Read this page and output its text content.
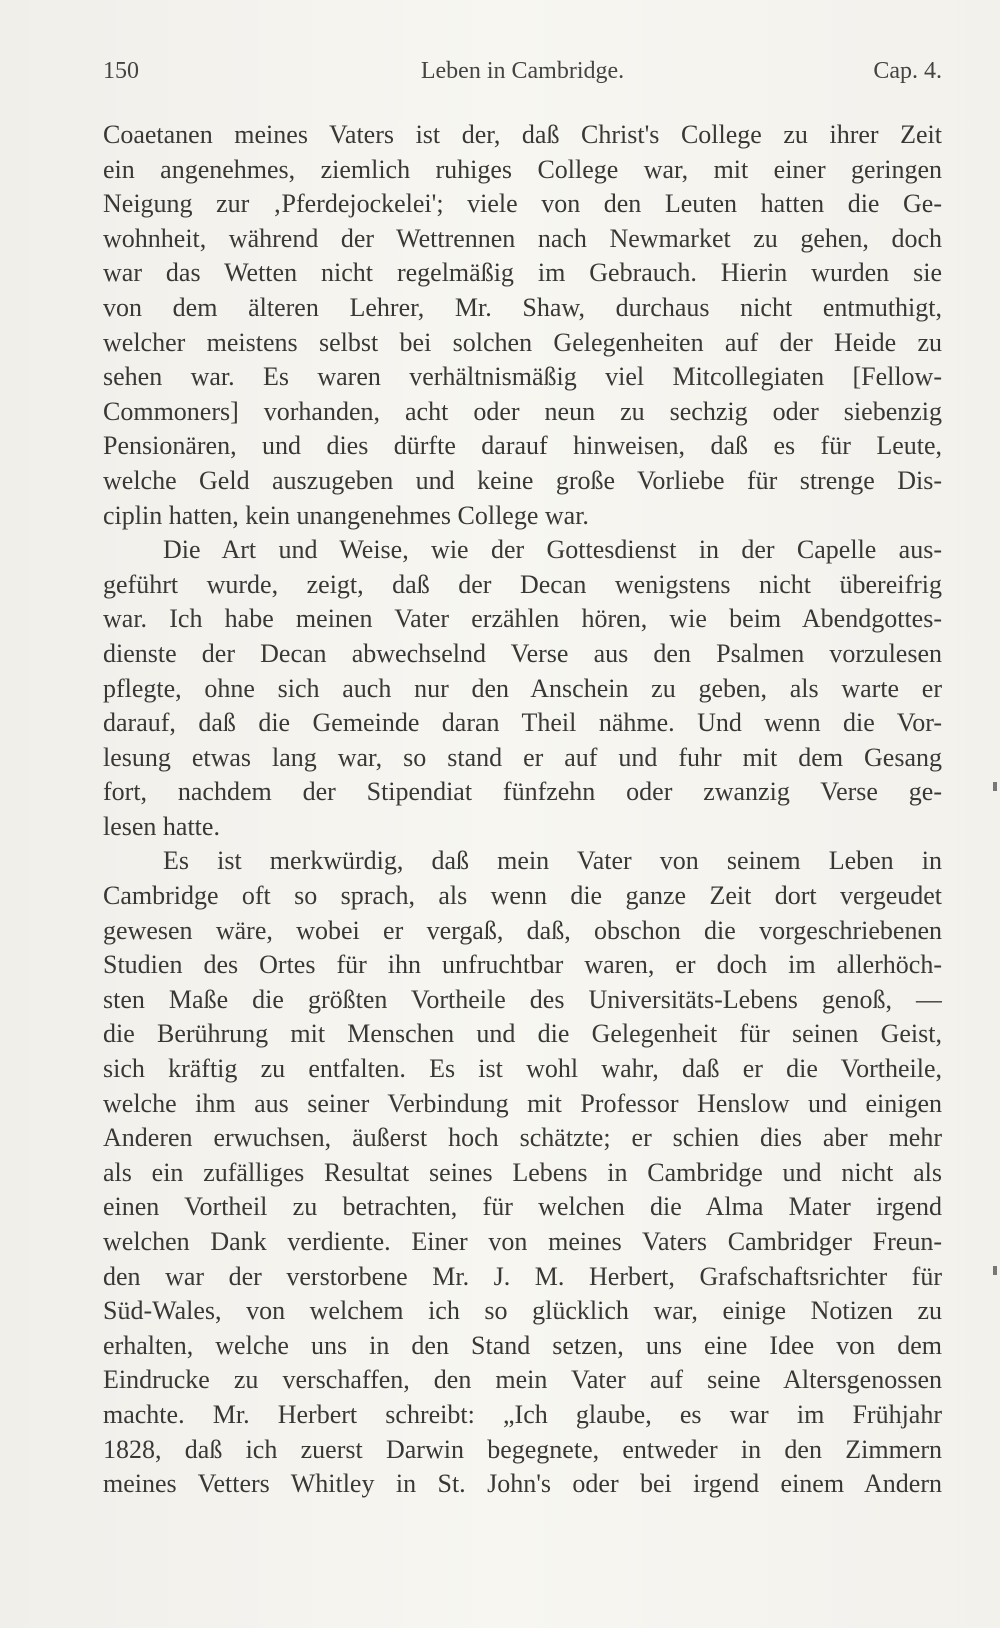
150	Leben in Cambridge.	Cap. 4.
Coaetanen meines Vaters ist der, daß Christ's College zu ihrer Zeit
ein angenehmes, ziemlich ruhiges College war, mit einer geringen
Neigung zur ‚Pferdejockelei'; viele von den Leuten hatten die Ge-
wohnheit, während der Wettrennen nach Newmarket zu gehen, doch
war das Wetten nicht regelmäßig im Gebrauch. Hierin wurden sie
von dem älteren Lehrer, Mr. Shaw, durchaus nicht entmuthigt,
welcher meistens selbst bei solchen Gelegenheiten auf der Heide zu
sehen war. Es waren verhältnismäßig viel Mitcollegiaten [Fellow-
Commoners] vorhanden, acht oder neun zu sechzig oder siebenzig
Pensionären, und dies dürfte darauf hinweisen, daß es für Leute,
welche Geld auszugeben und keine große Vorliebe für strenge Dis-
ciplin hatten, kein unangenehmes College war.
Die Art und Weise, wie der Gottesdienst in der Capelle aus-
geführt wurde, zeigt, daß der Decan wenigstens nicht übereifrig
war. Ich habe meinen Vater erzählen hören, wie beim Abendgottes-
dienste der Decan abwechselnd Verse aus den Psalmen vorzulesen
pflegte, ohne sich auch nur den Anschein zu geben, als warte er
darauf, daß die Gemeinde daran Theil nähme. Und wenn die Vor-
lesung etwas lang war, so stand er auf und fuhr mit dem Gesang
fort, nachdem der Stipendiat fünfzehn oder zwanzig Verse ge-
lesen hatte.
Es ist merkwürdig, daß mein Vater von seinem Leben in
Cambridge oft so sprach, als wenn die ganze Zeit dort vergeudet
gewesen wäre, wobei er vergaß, daß, obschon die vorgeschriebenen
Studien des Ortes für ihn unfruchtbar waren, er doch im allerhöch-
sten Maße die größten Vortheile des Universitäts-Lebens genoß, —
die Berührung mit Menschen und die Gelegenheit für seinen Geist,
sich kräftig zu entfalten. Es ist wohl wahr, daß er die Vortheile,
welche ihm aus seiner Verbindung mit Professor Henslow und einigen
Anderen erwuchsen, äußerst hoch schätzte; er schien dies aber mehr
als ein zufälliges Resultat seines Lebens in Cambridge und nicht als
einen Vortheil zu betrachten, für welchen die Alma Mater irgend
welchen Dank verdiente. Einer von meines Vaters Cambridger Freun-
den war der verstorbene Mr. J. M. Herbert, Grafschaftsrichter für
Süd-Wales, von welchem ich so glücklich war, einige Notizen zu
erhalten, welche uns in den Stand setzen, uns eine Idee von dem
Eindrucke zu verschaffen, den mein Vater auf seine Altersgenossen
machte. Mr. Herbert schreibt: „Ich glaube, es war im Frühjahr
1828, daß ich zuerst Darwin begegnete, entweder in den Zimmern
meines Vetters Whitley in St. John's oder bei irgend einem Andern
